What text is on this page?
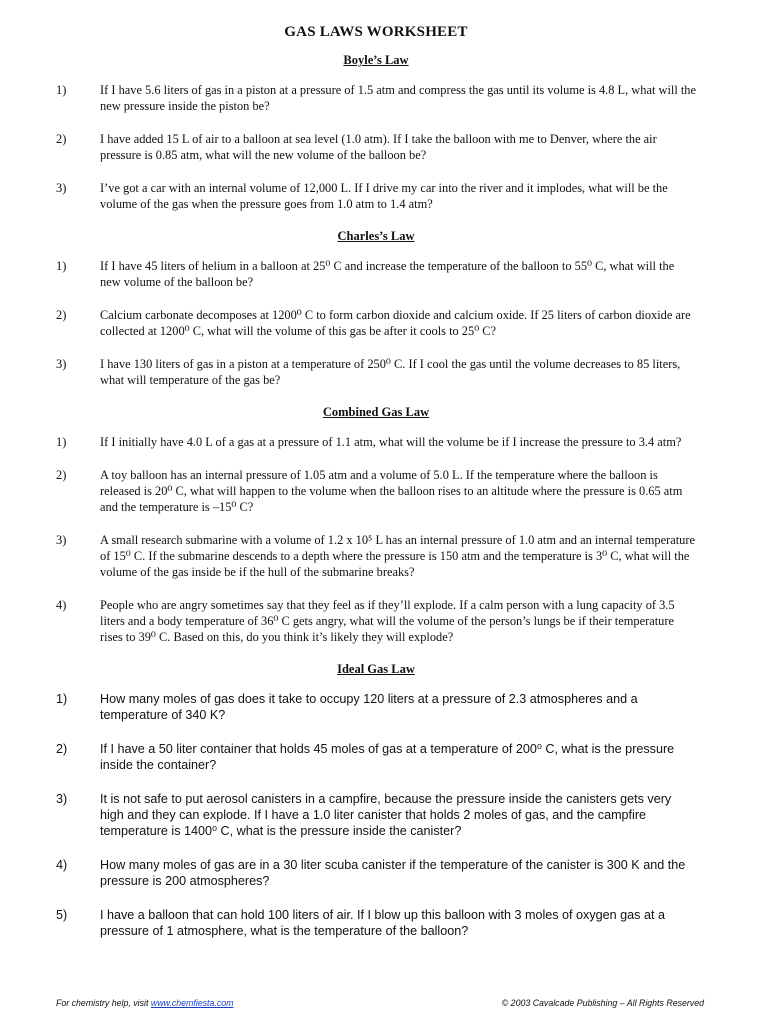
GAS LAWS WORKSHEET
Boyle’s Law
1)	If I have 5.6 liters of gas in a piston at a pressure of 1.5 atm and compress the gas until its volume is 4.8 L, what will the new pressure inside the piston be?
2)	I have added 15 L of air to a balloon at sea level (1.0 atm). If I take the balloon with me to Denver, where the air pressure is 0.85 atm, what will the new volume of the balloon be?
3)	I’ve got a car with an internal volume of 12,000 L. If I drive my car into the river and it implodes, what will be the volume of the gas when the pressure goes from 1.0 atm to 1.4 atm?
Charles’s Law
1)	If I have 45 liters of helium in a balloon at 25⁰ C and increase the temperature of the balloon to 55⁰ C, what will the new volume of the balloon be?
2)	Calcium carbonate decomposes at 1200⁰ C to form carbon dioxide and calcium oxide. If 25 liters of carbon dioxide are collected at 1200⁰ C, what will the volume of this gas be after it cools to 25⁰ C?
3)	I have 130 liters of gas in a piston at a temperature of 250⁰ C. If I cool the gas until the volume decreases to 85 liters, what will temperature of the gas be?
Combined Gas Law
1)	If I initially have 4.0 L of a gas at a pressure of 1.1 atm, what will the volume be if I increase the pressure to 3.4 atm?
2)	A toy balloon has an internal pressure of 1.05 atm and a volume of 5.0 L. If the temperature where the balloon is released is 20⁰ C, what will happen to the volume when the balloon rises to an altitude where the pressure is 0.65 atm and the temperature is –15⁰ C?
3)	A small research submarine with a volume of 1.2 x 10⁵ L has an internal pressure of 1.0 atm and an internal temperature of 15⁰ C. If the submarine descends to a depth where the pressure is 150 atm and the temperature is 3⁰ C, what will the volume of the gas inside be if the hull of the submarine breaks?
4)	People who are angry sometimes say that they feel as if they’ll explode. If a calm person with a lung capacity of 3.5 liters and a body temperature of 36⁰ C gets angry, what will the volume of the person’s lungs be if their temperature rises to 39⁰ C. Based on this, do you think it’s likely they will explode?
Ideal Gas Law
1)	How many moles of gas does it take to occupy 120 liters at a pressure of 2.3 atmospheres and a temperature of 340 K?
2)	If I have a 50 liter container that holds 45 moles of gas at a temperature of 200⁰ C, what is the pressure inside the container?
3)	It is not safe to put aerosol canisters in a campfire, because the pressure inside the canisters gets very high and they can explode. If I have a 1.0 liter canister that holds 2 moles of gas, and the campfire temperature is 1400⁰ C, what is the pressure inside the canister?
4)	How many moles of gas are in a 30 liter scuba canister if the temperature of the canister is 300 K and the pressure is 200 atmospheres?
5)	I have a balloon that can hold 100 liters of air. If I blow up this balloon with 3 moles of oxygen gas at a pressure of 1 atmosphere, what is the temperature of the balloon?
For chemistry help, visit www.chemfiesta.com	© 2003 Cavalcade Publishing – All Rights Reserved
